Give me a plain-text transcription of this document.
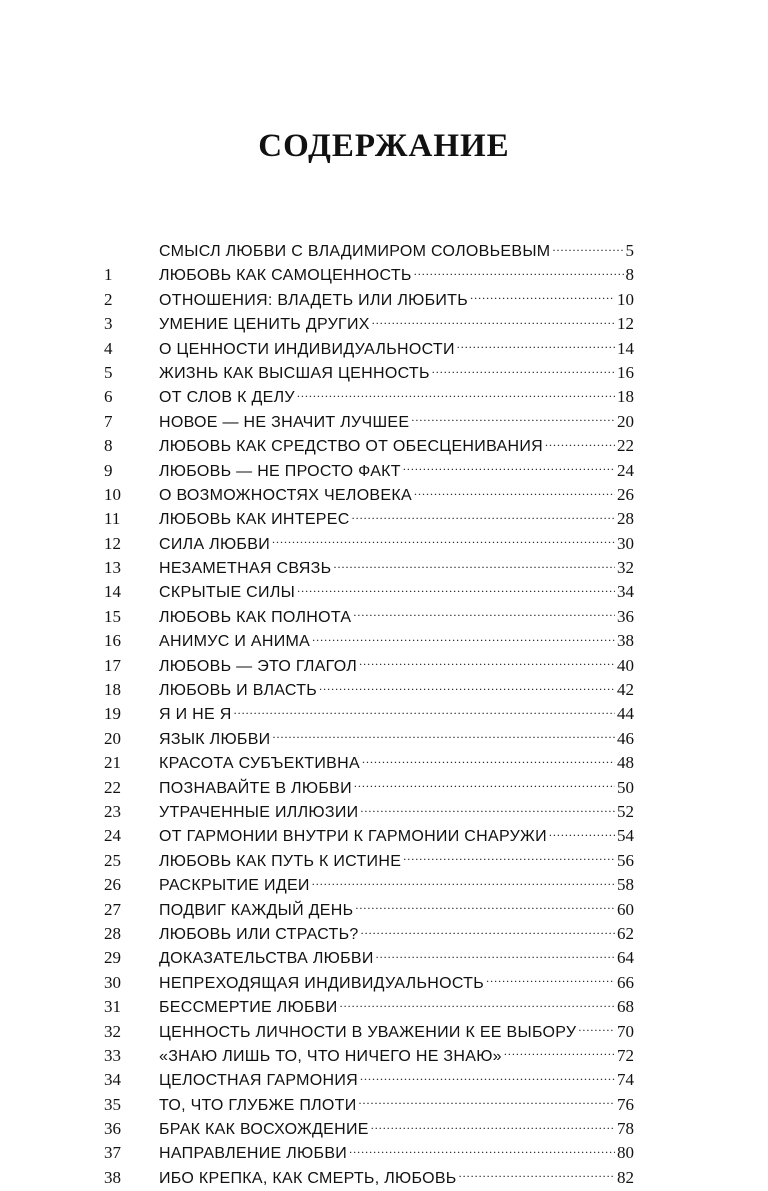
СОДЕРЖАНИЕ
СМЫСЛ ЛЮБВИ С ВЛАДИМИРОМ СОЛОВЬЕВЫМ .....	5
1	ЛЮБОВЬ КАК САМОЦЕННОСТЬ .....	8
2	ОТНОШЕНИЯ: ВЛАДЕТЬ ИЛИ ЛЮБИТЬ .....	10
3	УМЕНИЕ ЦЕНИТЬ ДРУГИХ .....	12
4	О ЦЕННОСТИ ИНДИВИДУАЛЬНОСТИ .....	14
5	ЖИЗНЬ КАК ВЫСШАЯ ЦЕННОСТЬ .....	16
6	ОТ СЛОВ К ДЕЛУ .....	18
7	НОВОЕ — НЕ ЗНАЧИТ ЛУЧШЕЕ .....	20
8	ЛЮБОВЬ КАК СРЕДСТВО ОТ ОБЕСЦЕНИВАНИЯ .....	22
9	ЛЮБОВЬ — НЕ ПРОСТО ФАКТ .....	24
10	О ВОЗМОЖНОСТЯХ ЧЕЛОВЕКА .....	26
11	ЛЮБОВЬ КАК ИНТЕРЕС .....	28
12	СИЛА ЛЮБВИ .....	30
13	НЕЗАМЕТНАЯ СВЯЗЬ .....	32
14	СКРЫТЫЕ СИЛЫ .....	34
15	ЛЮБОВЬ КАК ПОЛНОТА .....	36
16	АНИМУС И АНИМА .....	38
17	ЛЮБОВЬ — ЭТО ГЛАГОЛ .....	40
18	ЛЮБОВЬ И ВЛАСТЬ .....	42
19	Я И НЕ Я .....	44
20	ЯЗЫК ЛЮБВИ .....	46
21	КРАСОТА СУБЪЕКТИВНА .....	48
22	ПОЗНАВАЙТЕ В ЛЮБВИ .....	50
23	УТРАЧЕННЫЕ ИЛЛЮЗИИ .....	52
24	ОТ ГАРМОНИИ ВНУТРИ К ГАРМОНИИ СНАРУЖИ .....	54
25	ЛЮБОВЬ КАК ПУТЬ К ИСТИНЕ .....	56
26	РАСКРЫТИЕ ИДЕИ .....	58
27	ПОДВИГ КАЖДЫЙ ДЕНЬ .....	60
28	ЛЮБОВЬ ИЛИ СТРАСТЬ? .....	62
29	ДОКАЗАТЕЛЬСТВА ЛЮБВИ .....	64
30	НЕПРЕХОДЯЩАЯ ИНДИВИДУАЛЬНОСТЬ .....	66
31	БЕССМЕРТИЕ ЛЮБВИ .....	68
32	ЦЕННОСТЬ ЛИЧНОСТИ В УВАЖЕНИИ К ЕЕ ВЫБОРУ ..... 70
33	«ЗНАЮ ЛИШЬ ТО, ЧТО НИЧЕГО НЕ ЗНАЮ» .....	72
34	ЦЕЛОСТНАЯ ГАРМОНИЯ .....	74
35	ТО, ЧТО ГЛУБЖЕ ПЛОТИ .....	76
36	БРАК КАК ВОСХОЖДЕНИЕ .....	78
37	НАПРАВЛЕНИЕ ЛЮБВИ .....	80
38	ИБО КРЕПКА, КАК СМЕРТЬ, ЛЮБОВЬ .....	82
